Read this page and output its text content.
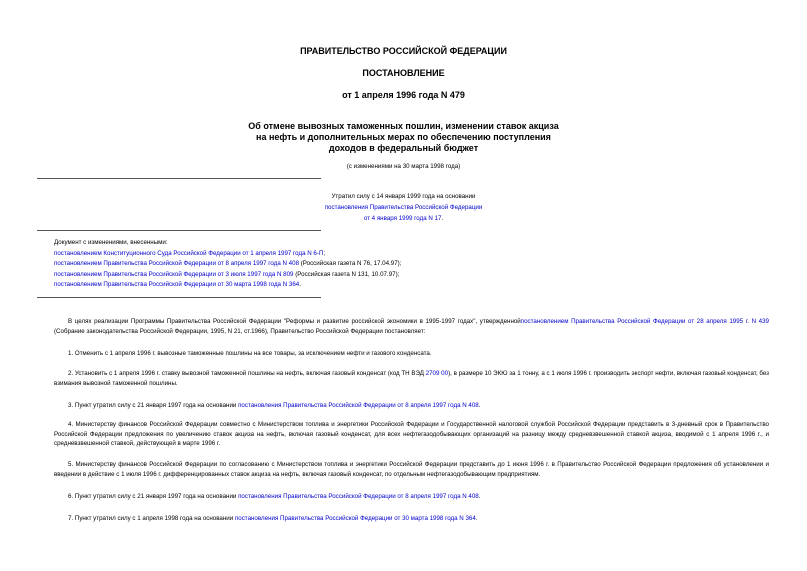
ПРАВИТЕЛЬСТВО РОССИЙСКОЙ ФЕДЕРАЦИИ
ПОСТАНОВЛЕНИЕ
от 1 апреля 1996 года N 479
Об отмене вывозных таможенных пошлин, изменении ставок акциза
на нефть и дополнительных мерах по обеспечению поступления
доходов в федеральный бюджет
(с изменениями на 30 марта 1998 года)
Утратил силу с 14 января 1999 года на основании
постановления Правительства Российской Федерации
от 4 января 1999 года N 17.
Документ с изменениями, внесенными:
постановлением Конституционного Суда Российской Федерации от 1 апреля 1997 года N 6-П;
постановлением Правительства Российской Федерации от 8 апреля 1997 года N 408 (Российская газета N 76, 17.04.97);
постановлением Правительства Российской Федерации от 3 июля 1997 года N 809 (Российская газета N 131, 10.07.97);
постановлением Правительства Российской Федерации от 30 марта 1998 года N 364.
В целях реализации Программы Правительства Российской Федерации "Реформы и развитие российской экономики в 1995-1997 годах", утвержденнойпостановлением Правительства Российской Федерации от 28 апреля 1995 г. N 439 (Собрание законодательства Российской Федерации, 1995, N 21, ст.1966), Правительство Российской Федерации постановляет:
1. Отменить с 1 апреля 1996 г. вывозные таможенные пошлины на все товары, за исключением нефти и газового конденсата.
2. Установить с 1 апреля 1996 г. ставку вывозной таможенной пошлины на нефть, включая газовый конденсат (код ТН ВЭД 2709 00), в размере 10 ЭКЮ за 1 тонну, а с 1 июля 1996 г. производить экспорт нефти, включая газовый конденсат, без взимания вывозной таможенной пошлины.
3. Пункт утратил силу с 21 января 1997 года на основании постановления Правительства Российской Федерации от 8 апреля 1997 года N 408.
4. Министерству финансов Российской Федерации совместно с Министерством топлива и энергетики Российской Федерации и Государственной налоговой службой Российской Федерации представить в 3-дневный срок в Правительство Российской Федерации предложения по увеличению ставок акциза на нефть, включая газовый конденсат, для всех нефтегазодобывающих организаций на разницу между средневзвешенной ставкой акциза, вводимой с 1 апреля 1996 г., и средневзвешенной ставкой, действующей в марте 1996 г.
5. Министерству финансов Российской Федерации по согласованию с Министерством топлива и энергетики Российской Федерации представить до 1 июня 1996 г. в Правительство Российской Федерации предложения об установлении и введении в действие с 1 июля 1996 г. дифференцированных ставок акциза на нефть, включая газовый конденсат, по отдельным нефтегазодобывающим предприятиям.
6. Пункт утратил силу с 21 января 1997 года на основании постановления Правительства Российской Федерации от 8 апреля 1997 года N 408.
7. Пункт утратил силу с 1 апреля 1998 года на основании постановления Правительства Российской Федерации от 30 марта 1998 года N 364.
